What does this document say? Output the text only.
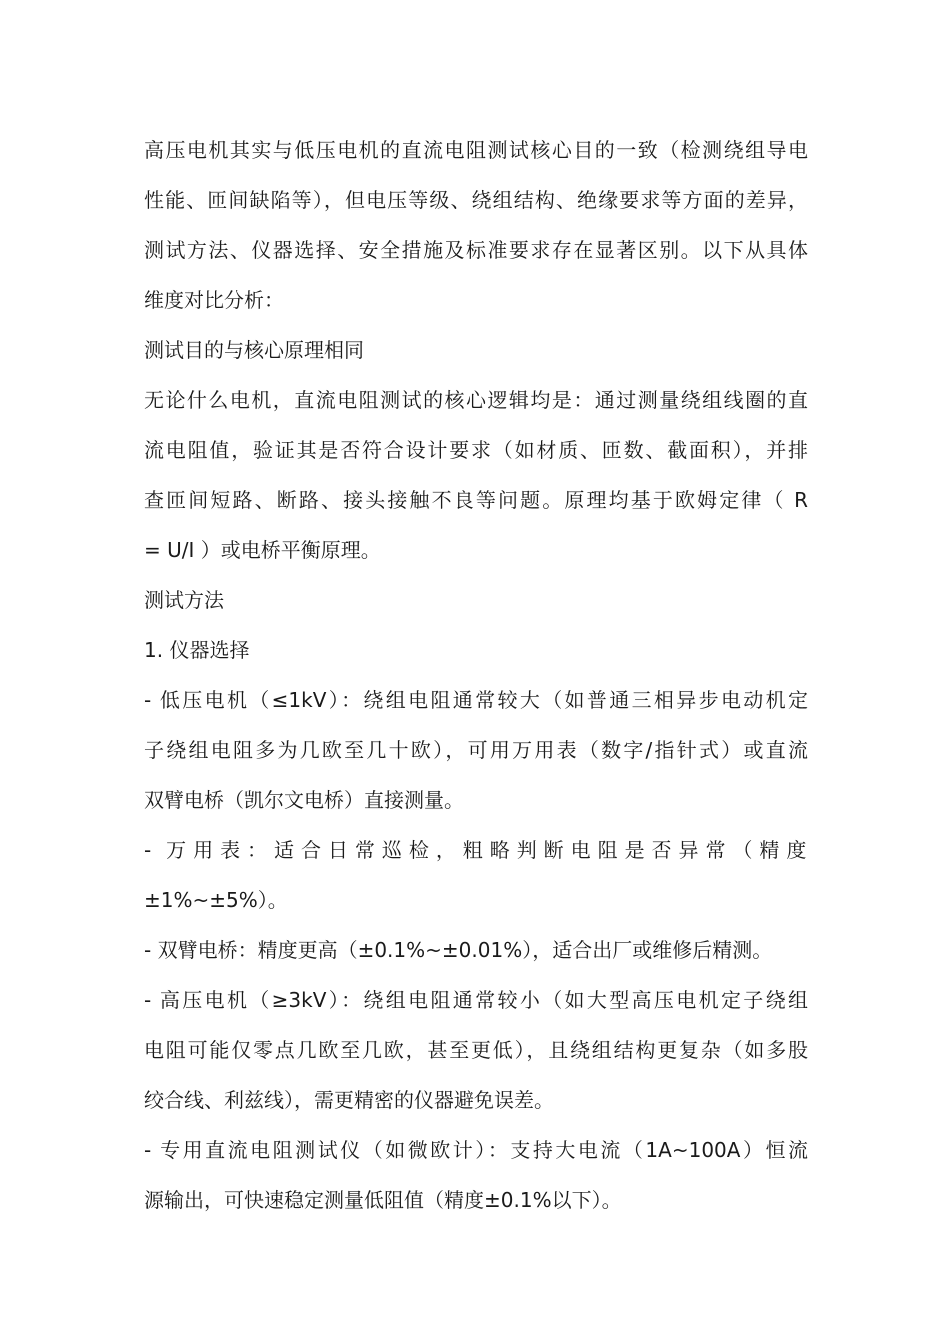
高压电机其实与低压电机的直流电阻测试核心目的一致（检测绕组导电

性能、匝间缺陷等），但电压等级、绕组结构、绝缘要求等方面的差异，

测试方法、仪器选择、安全措施及标准要求存在显著区别。以下从具体

维度对比分析：

测试目的与核心原理相同

无论什么电机，直流电阻测试的核心逻辑均是：通过测量绕组线圈的直

流电阻值，验证其是否符合设计要求（如材质、匝数、截面积），并排

查匝间短路、断路、接头接触不良等问题。原理均基于欧姆定律（ R

= U/I ）或电桥平衡原理。

测试方法

1. 仪器选择

- 低压电机（≤1kV）：绕组电阻通常较大（如普通三相异步电动机定

子绕组电阻多为几欧至几十欧），可用万用表（数字/指针式）或直流

双臂电桥（凯尔文电桥）直接测量。

- 万用表：适合日常巡检，粗略判断电阻是否异常（精度

±1%~±5%）。

- 双臂电桥：精度更高（±0.1%~±0.01%），适合出厂或维修后精测。

- 高压电机（≥3kV）：绕组电阻通常较小（如大型高压电机定子绕组

电阻可能仅零点几欧至几欧，甚至更低），且绕组结构更复杂（如多股

绞合线、利兹线），需更精密的仪器避免误差。

- 专用直流电阻测试仪（如微欧计）：支持大电流（1A~100A）恒流

源输出，可快速稳定测量低阻值（精度±0.1%以下）。
